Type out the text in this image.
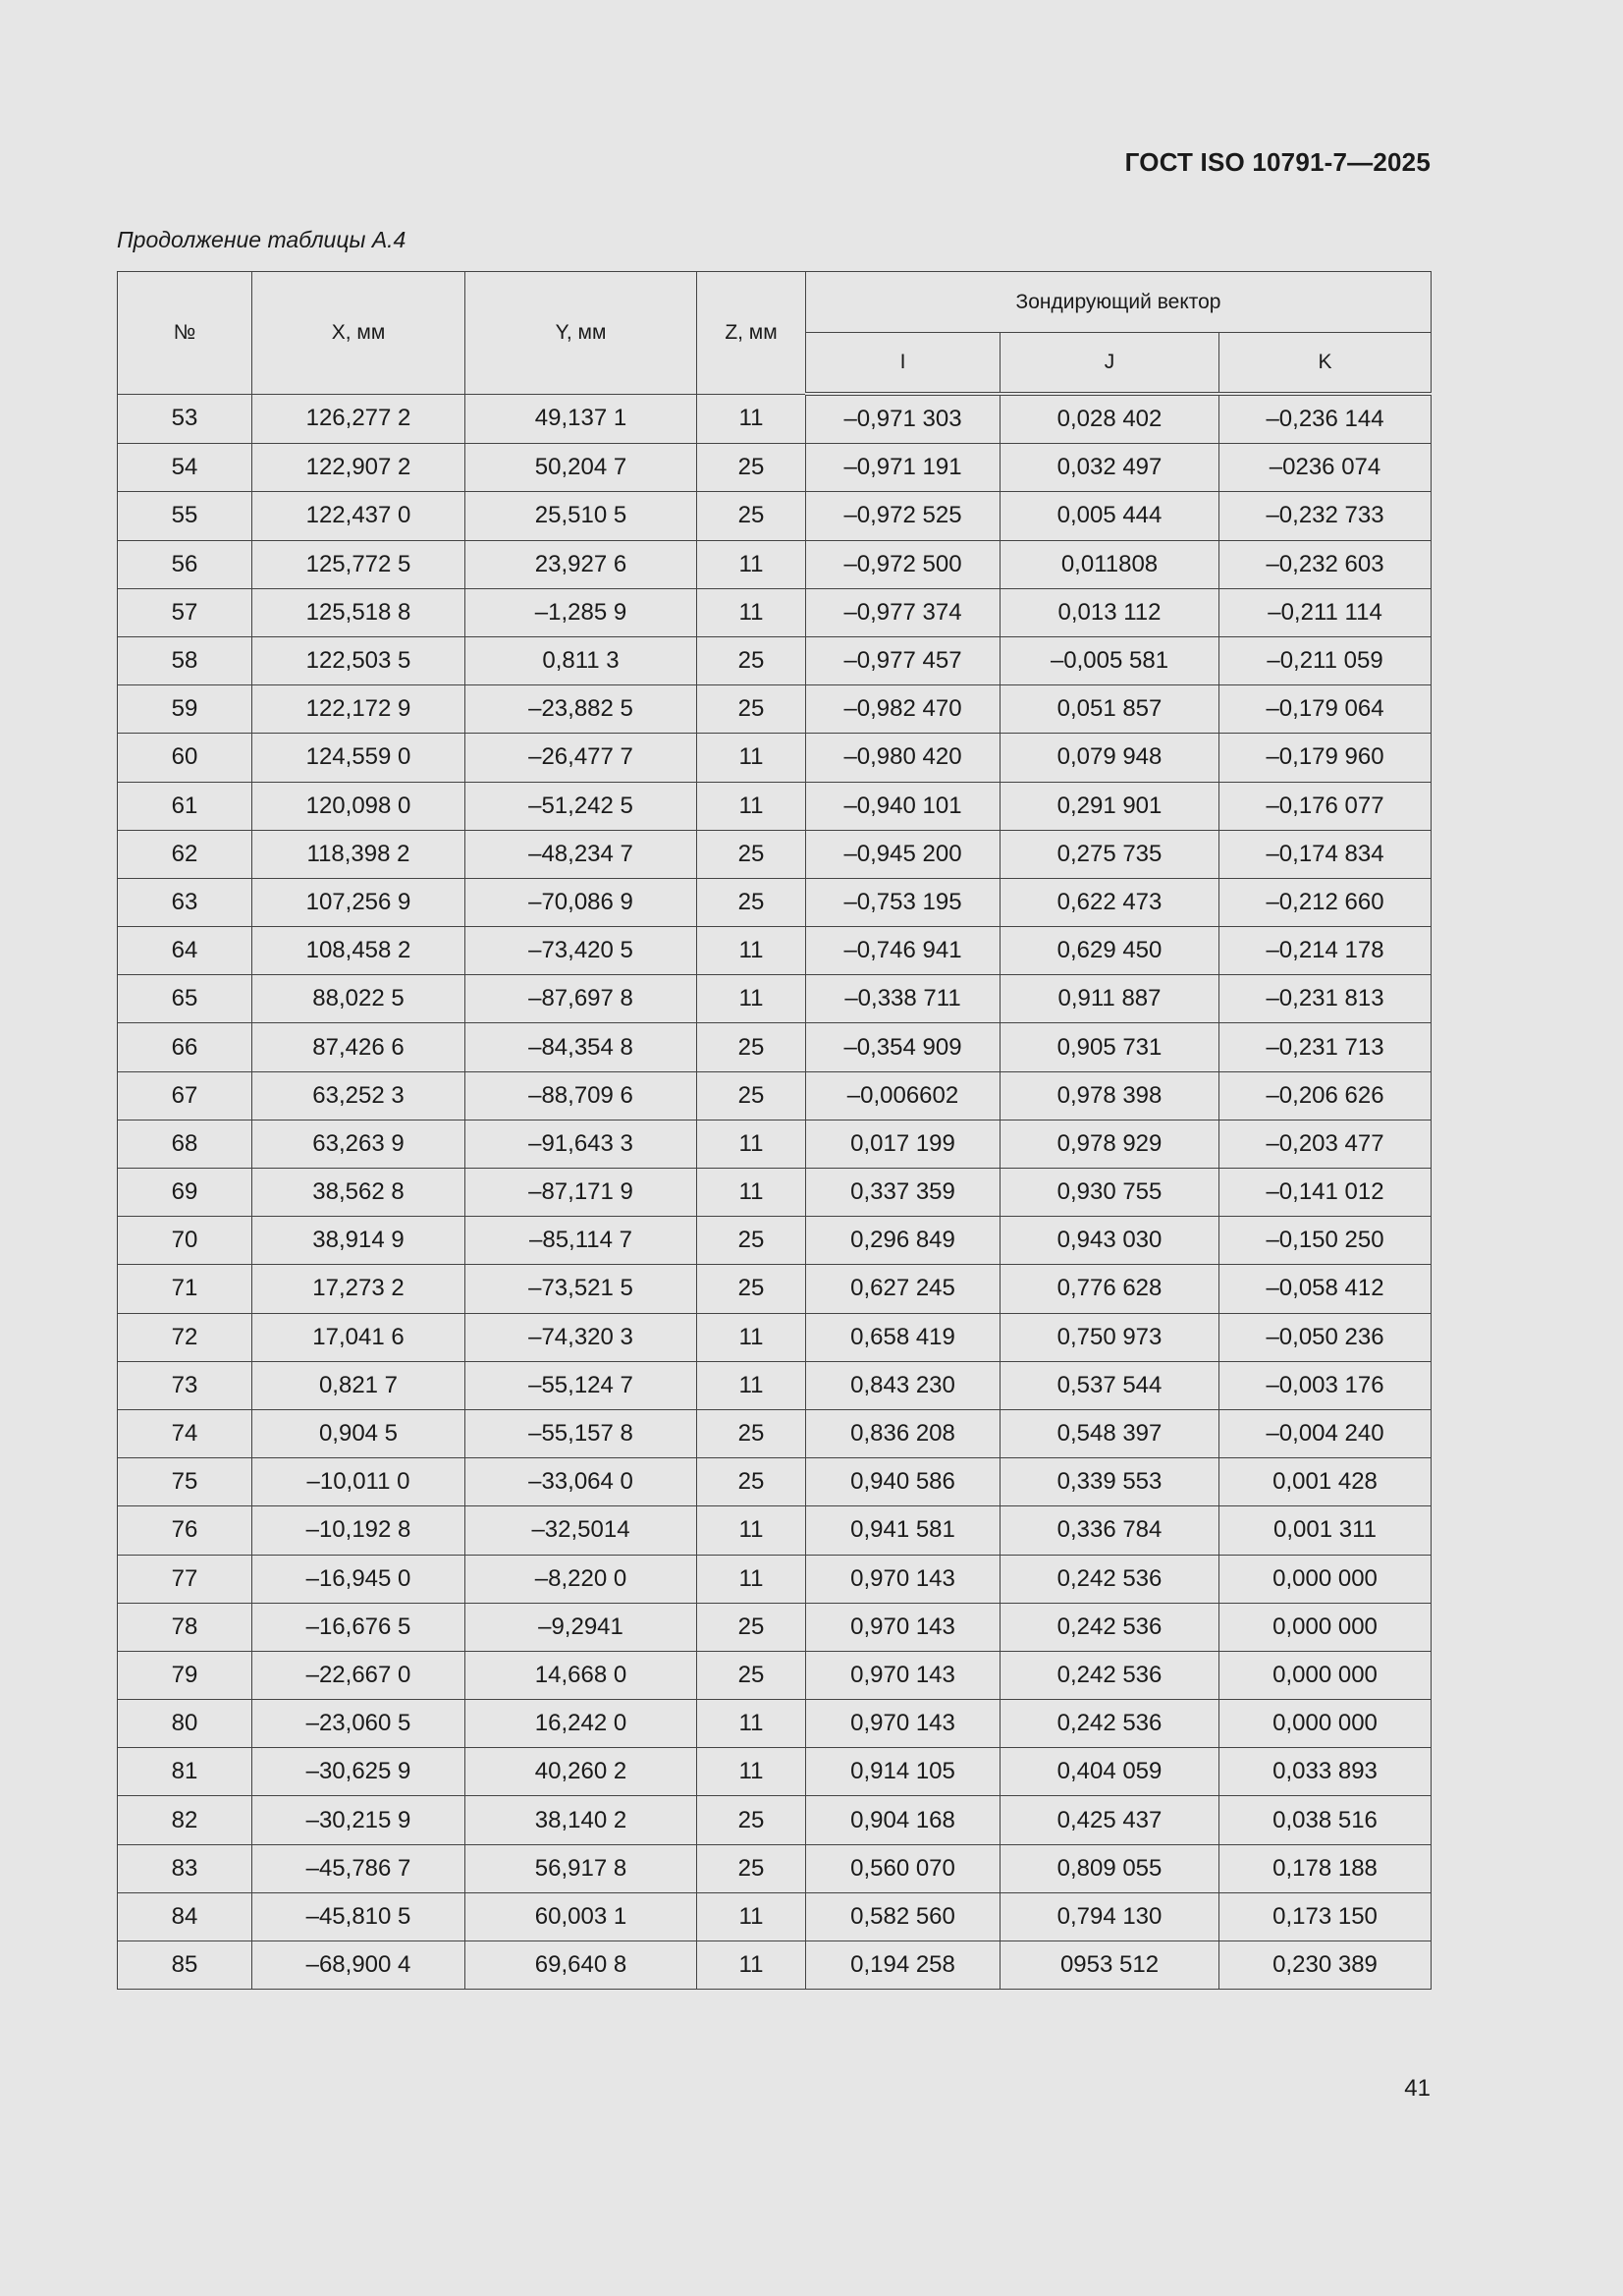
ГОСТ ISO 10791-7—2025
Продолжение таблицы А.4
№	X, мм	Y, мм	Z, мм	Зондирующий вектор		
				I	J	K
53	126,277 2	49,137 1	11	–0,971 303	0,028 402	–0,236 144
54	122,907 2	50,204 7	25	–0,971 191	0,032 497	–0236 074
55	122,437 0	25,510 5	25	–0,972 525	0,005 444	–0,232 733
56	125,772 5	23,927 6	11	–0,972 500	0,011808	–0,232 603
57	125,518 8	–1,285 9	11	–0,977 374	0,013 112	–0,211 114
58	122,503 5	0,811 3	25	–0,977 457	–0,005 581	–0,211 059
59	122,172 9	–23,882 5	25	–0,982 470	0,051 857	–0,179 064
60	124,559 0	–26,477 7	11	–0,980 420	0,079 948	–0,179 960
61	120,098 0	–51,242 5	11	–0,940 101	0,291 901	–0,176 077
62	118,398 2	–48,234 7	25	–0,945 200	0,275 735	–0,174 834
63	107,256 9	–70,086 9	25	–0,753 195	0,622 473	–0,212 660
64	108,458 2	–73,420 5	11	–0,746 941	0,629 450	–0,214 178
65	88,022 5	–87,697 8	11	–0,338 711	0,911 887	–0,231 813
66	87,426 6	–84,354 8	25	–0,354 909	0,905 731	–0,231 713
67	63,252 3	–88,709 6	25	–0,006602	0,978 398	–0,206 626
68	63,263 9	–91,643 3	11	0,017 199	0,978 929	–0,203 477
69	38,562 8	–87,171 9	11	0,337 359	0,930 755	–0,141 012
70	38,914 9	–85,114 7	25	0,296 849	0,943 030	–0,150 250
71	17,273 2	–73,521 5	25	0,627 245	0,776 628	–0,058 412
72	17,041 6	–74,320 3	11	0,658 419	0,750 973	–0,050 236
73	0,821 7	–55,124 7	11	0,843 230	0,537 544	–0,003 176
74	0,904 5	–55,157 8	25	0,836 208	0,548 397	–0,004 240
75	–10,011 0	–33,064 0	25	0,940 586	0,339 553	0,001 428
76	–10,192 8	–32,5014	11	0,941 581	0,336 784	0,001 311
77	–16,945 0	–8,220 0	11	0,970 143	0,242 536	0,000 000
78	–16,676 5	–9,2941	25	0,970 143	0,242 536	0,000 000
79	–22,667 0	14,668 0	25	0,970 143	0,242 536	0,000 000
80	–23,060 5	16,242 0	11	0,970 143	0,242 536	0,000 000
81	–30,625 9	40,260 2	11	0,914 105	0,404 059	0,033 893
82	–30,215 9	38,140 2	25	0,904 168	0,425 437	0,038 516
83	–45,786 7	56,917 8	25	0,560 070	0,809 055	0,178 188
84	–45,810 5	60,003 1	11	0,582 560	0,794 130	0,173 150
85	–68,900 4	69,640 8	11	0,194 258	0953 512	0,230 389
41
